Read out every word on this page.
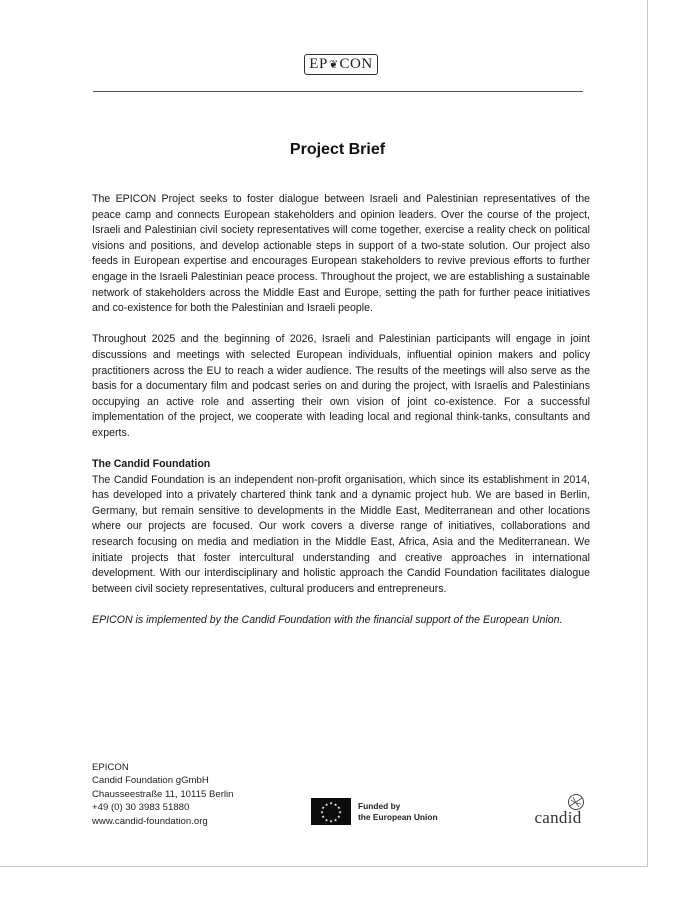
EP ❦ CON
Project Brief

The EPICON Project seeks to foster dialogue between Israeli and Palestinian representatives of the peace camp and connects European stakeholders and opinion leaders. Over the course of the project, Israeli and Palestinian civil society representatives will come together, exercise a reality check on political visions and positions, and develop actionable steps in support of a two-state solution. Our project also feeds in European expertise and encourages European stakeholders to revive previous efforts to further engage in the Israeli Palestinian peace process. Throughout the project, we are establishing a sustainable network of stakeholders across the Middle East and Europe, setting the path for further peace initiatives and co-existence for both the Palestinian and Israeli people.

Throughout 2025 and the beginning of 2026, Israeli and Palestinian participants will engage in joint discussions and meetings with selected European individuals, influential opinion makers and policy practitioners across the EU to reach a wider audience. The results of the meetings will also serve as the basis for a documentary film and podcast series on and during the project, with Israelis and Palestinians occupying an active role and asserting their own vision of joint co-existence. For a successful implementation of the project, we cooperate with leading local and regional think-tanks, consultants and experts.

The Candid Foundation

The Candid Foundation is an independent non-profit organisation, which since its establishment in 2014, has developed into a privately chartered think tank and a dynamic project hub. We are based in Berlin, Germany, but remain sensitive to developments in the Middle East, Mediterranean and other locations where our projects are focused. Our work covers a diverse range of initiatives, collaborations and research focusing on media and mediation in the Middle East, Africa, Asia and the Mediterranean. We initiate projects that foster intercultural understanding and creative approaches in international development. With our interdisciplinary and holistic approach the Candid Foundation facilitates dialogue between civil society representatives, cultural producers and entrepreneurs.

EPICON is implemented by the Candid Foundation with the financial support of the European Union.

EPICON
Candid Foundation gGmbH
Chausseestraße 11, 10115 Berlin
+49 (0) 30 3983 51880
www.candid-foundation.org
★ ★
★
★
★
★
★
★
★
★
★
★	Funded by
the European Union	candid
